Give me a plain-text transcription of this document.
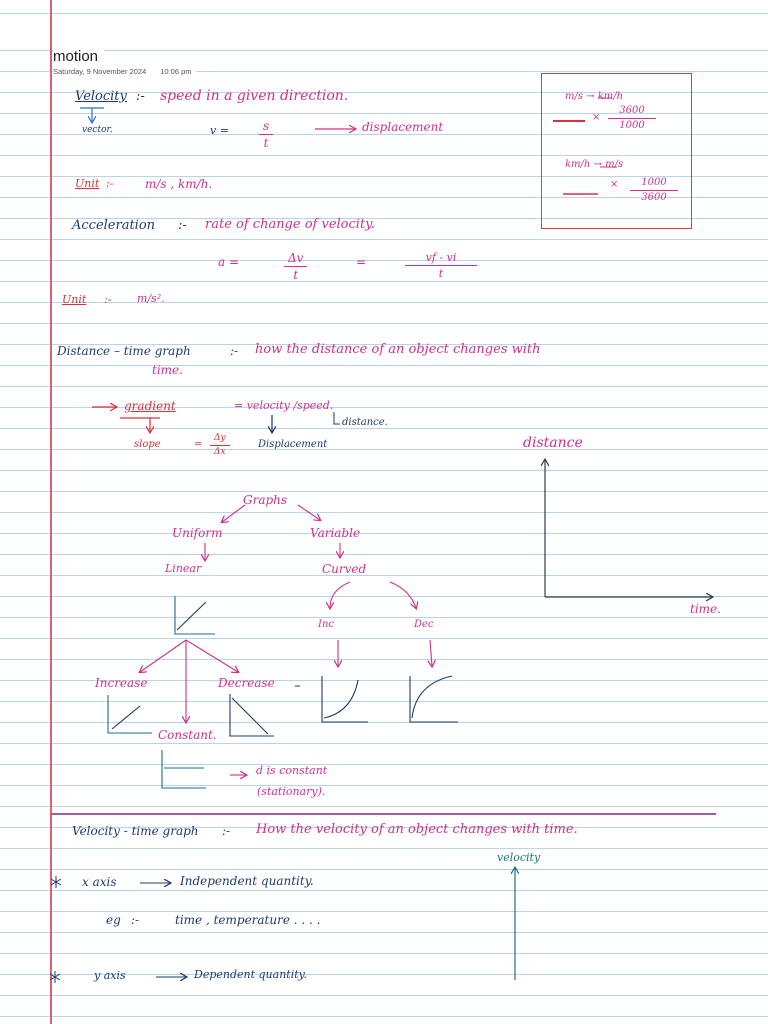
motion
Saturday, 9 November 2024 10:06 pm
Velocity :- speed in a given direction.
vector.	v =	$\frac{s}{t}$	displacement
Unit :-	m/s , km/h.
Acceleration :- rate of change of velocity.
a =	$\frac{\Delta v}{t}$	=	$\frac{vf - vi}{t}$
Unit :- m/s².
m/s → km/h
× $\frac{3600}{1000}$
km/h → m/s
× $\frac{1000}{3600}$
Distance – time graph	:- how the distance of an object changes with
time.
gradient	= velocity /speed.
distance.
slope	= $\frac{\Delta y}{\Delta x}$	Displacement	distance
time.
Graphs
Uniform	Variable
Linear	Curved
Inc	Dec
Increase	Decrease
Constant.
d is constant
(stationary).
Velocity - time graph :- How the velocity of an object changes with time.
velocity
x axis	Independent quantity.
eg :-	time , temperature . . . .
y axis	Dependent quantity.
